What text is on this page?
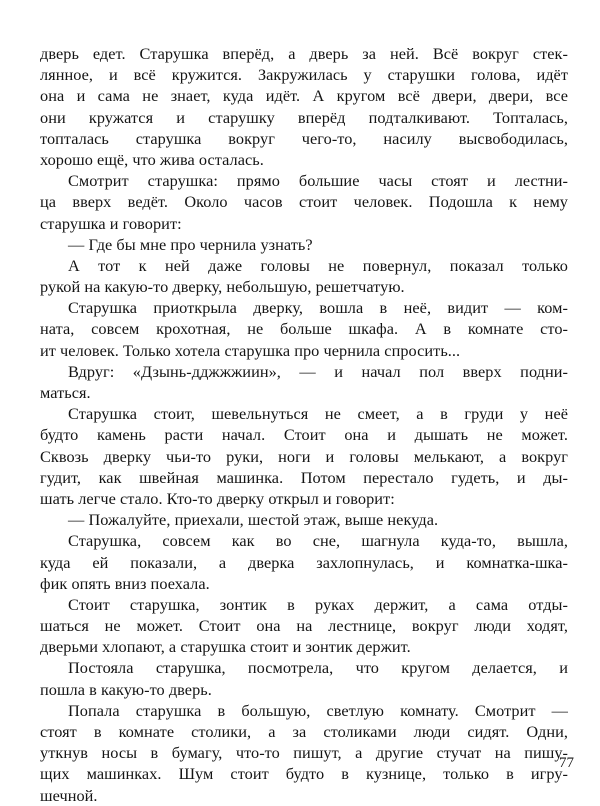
дверь едет. Старушка вперёд, а дверь за ней. Всё вокруг стек-
лянное, и всё кружится. Закружилась у старушки голова, идёт
она и сама не знает, куда идёт. А кругом всё двери, двери, все
они кружатся и старушку вперёд подталкивают. Топталась,
топталась старушка вокруг чего-то, насилу высвободилась,
хорошо ещё, что жива осталась.
Смотрит старушка: прямо большие часы стоят и лестни-
ца вверх ведёт. Около часов стоит человек. Подошла к нему
старушка и говорит:
— Где бы мне про чернила узнать?
А тот к ней даже головы не повернул, показал только
рукой на какую-то дверку, небольшую, решетчатую.
Старушка приоткрыла дверку, вошла в неё, видит — ком-
ната, совсем крохотная, не больше шкафа. А в комнате сто-
ит человек. Только хотела старушка про чернила спросить...
Вдруг: «Дзынь-дджжжиин», — и начал пол вверх подни-
маться.
Старушка стоит, шевельнуться не смеет, а в груди у неё
будто камень расти начал. Стоит она и дышать не может.
Сквозь дверку чьи-то руки, ноги и головы мелькают, а вокруг
гудит, как швейная машинка. Потом перестало гудеть, и ды-
шать легче стало. Кто-то дверку открыл и говорит:
— Пожалуйте, приехали, шестой этаж, выше некуда.
Старушка, совсем как во сне, шагнула куда-то, вышла,
куда ей показали, а дверка захлопнулась, и комнатка-шка-
фик опять вниз поехала.
Стоит старушка, зонтик в руках держит, а сама отды-
шаться не может. Стоит она на лестнице, вокруг люди ходят,
дверьми хлопают, а старушка стоит и зонтик держит.
Постояла старушка, посмотрела, что кругом делается, и
пошла в какую-то дверь.
Попала старушка в большую, светлую комнату. Смотрит —
стоят в комнате столики, а за столиками люди сидят. Одни,
уткнув носы в бумагу, что-то пишут, а другие стучат на пишу-
щих машинках. Шум стоит будто в кузнице, только в игру-
шечной.
77
